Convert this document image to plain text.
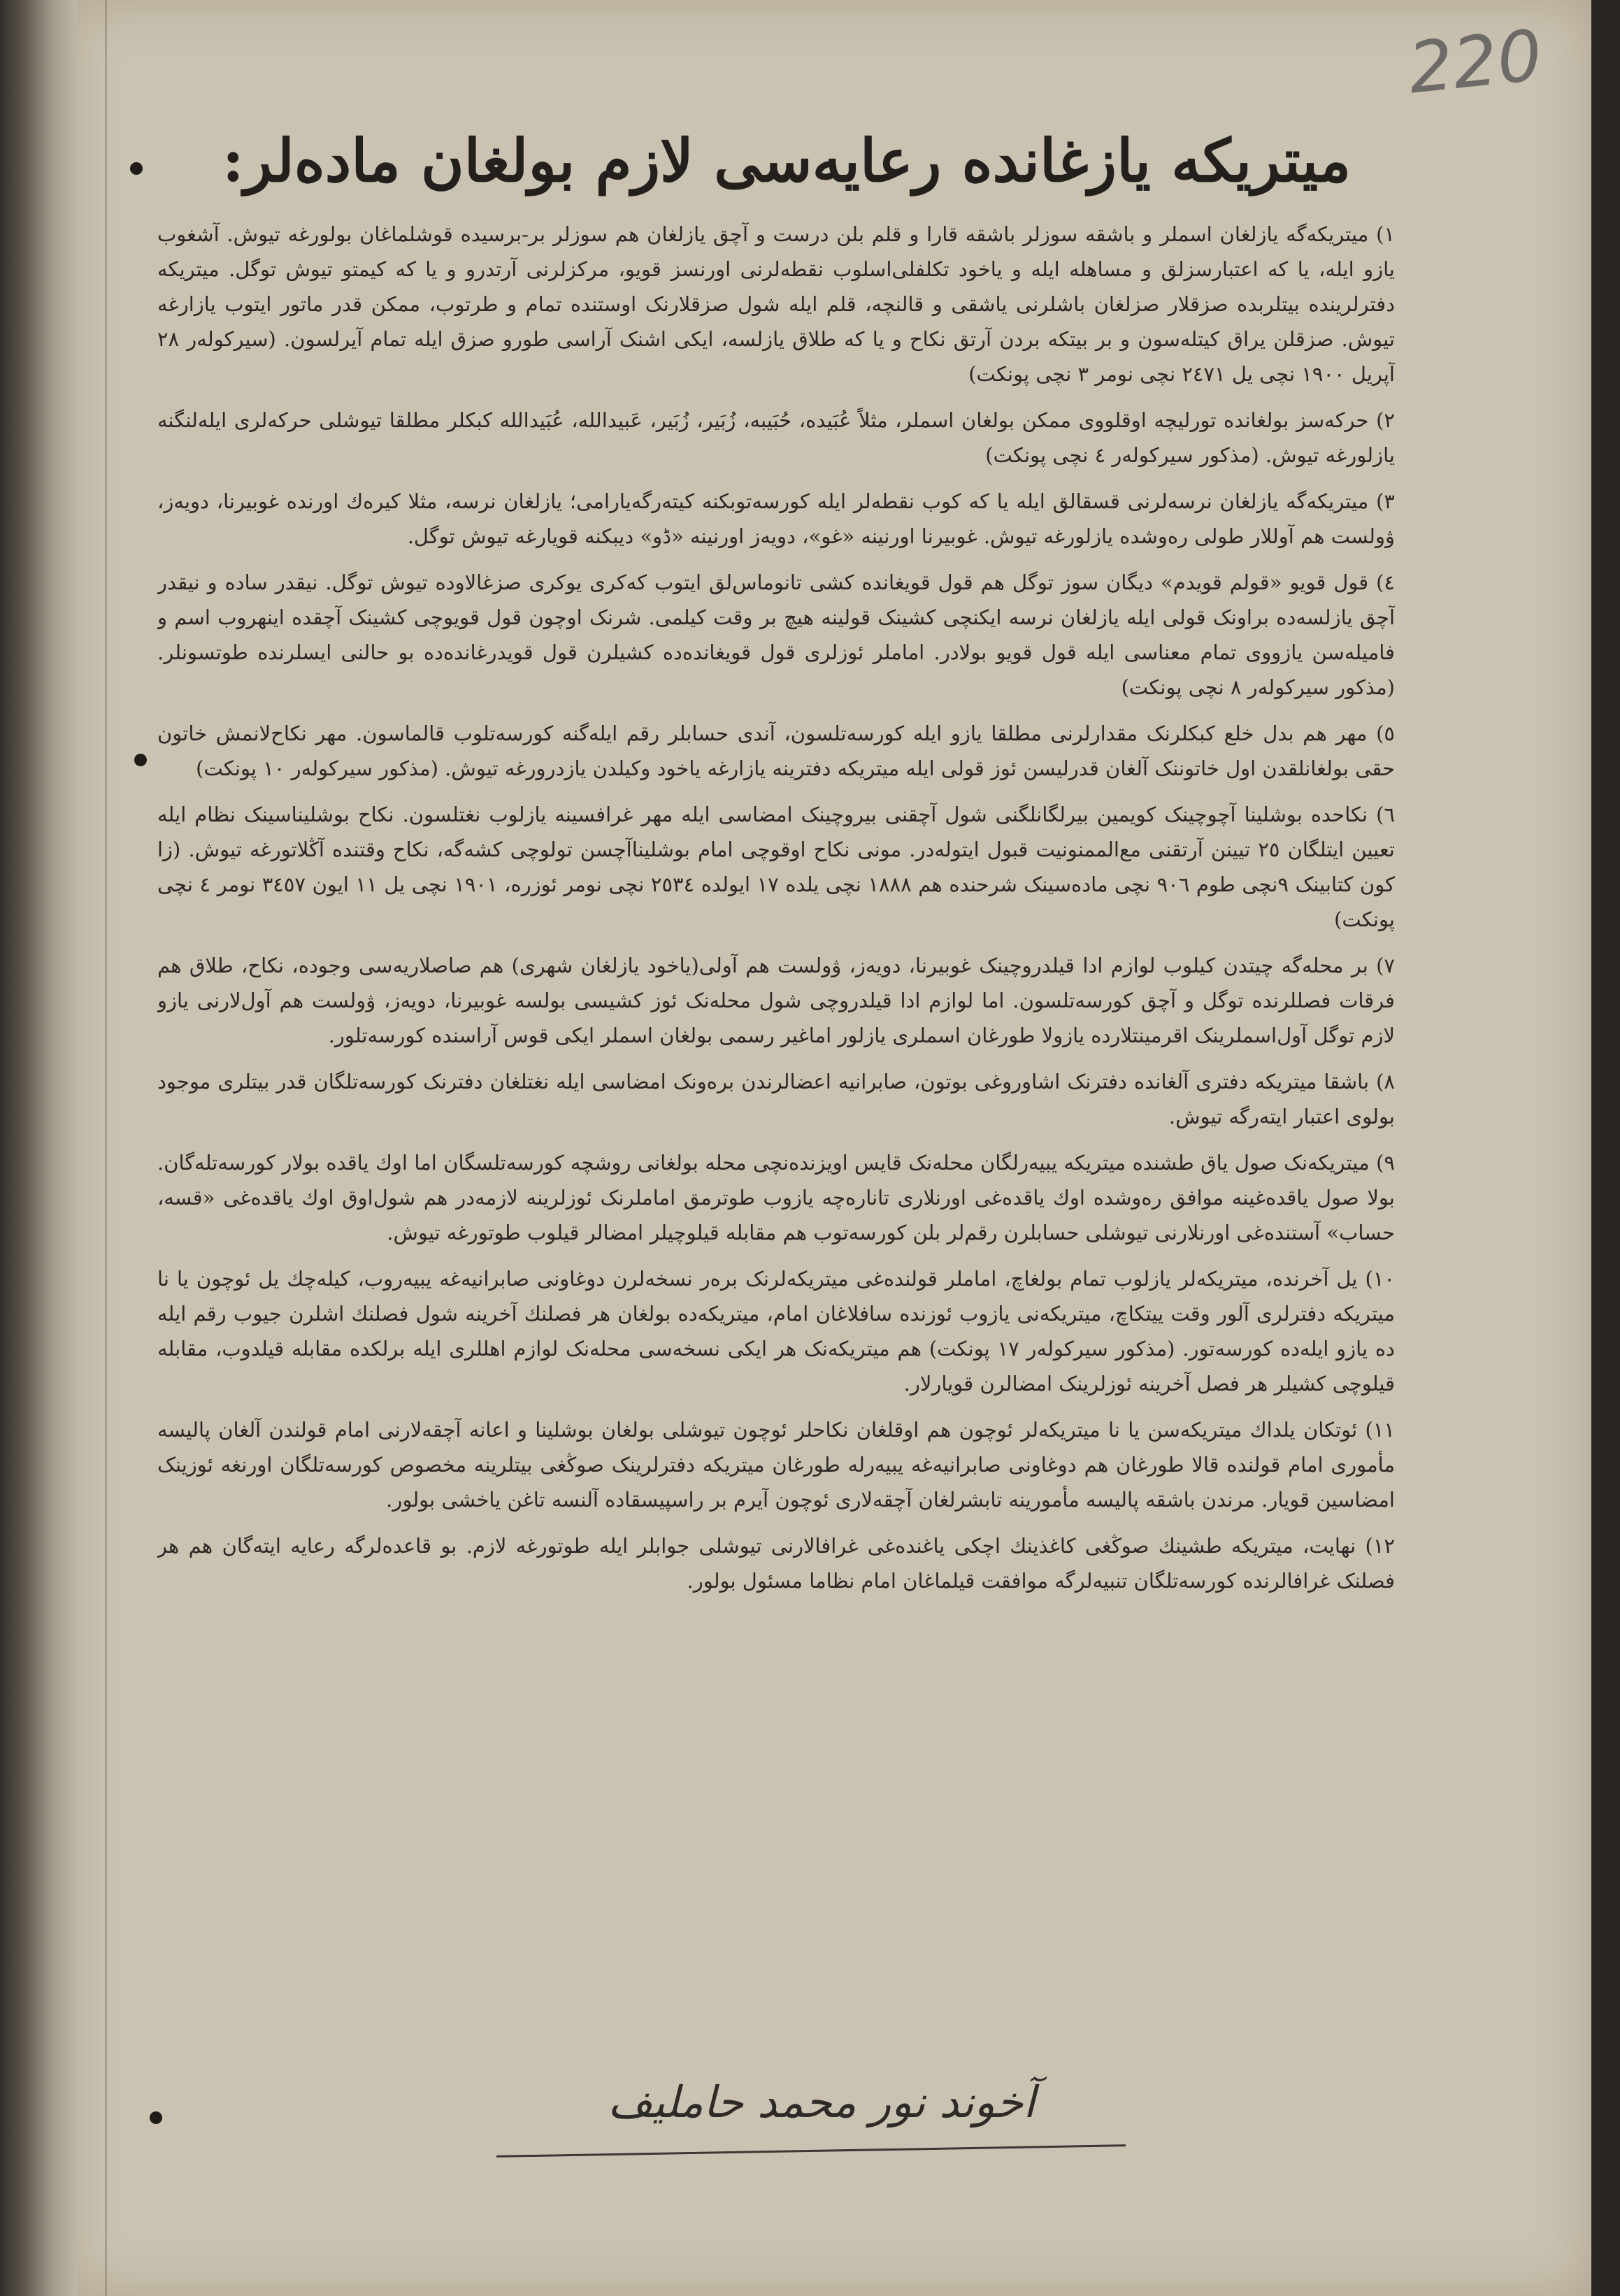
220
میتریکه یازغانده رعایه‌سی لازم بولغان ماده‌لر:

١) میتریکه‌گه یازلغان اسملر و باشقه سوزلر باشقه قارا و قلم بلن درست و آچق یازلغان هم سوزلر بر-برسیده قوشلماغان بولورغه تیوش. آشغوب یازو ایله، یا که اعتبارسزلق و مساهله ایله و یاخود تکلفلی‌اسلوب نقطه‌لرنی اورنسز قویو، مرکزلرنی آرتدرو و یا که کیمتو تیوش توگل. میتریکه دفترلرینده بیتلربده صزقلار صزلغان باشلرنی یاشقی و قالنچه، قلم ایله شول صزقلارنک اوستنده تمام و طرتوب، ممکن قدر ماتور ایتوب یازارغه تیوش. صزقلن یراق کیتله‌سون و بر بیتکه بردن آرتق نکاح و یا که طلاق یازلسه، ایکی اشنک آراسی طورو صزق ایله تمام آیرلسون. (سیرکوله‌ر ٢٨ آپریل ١٩٠٠ نچی یل ٢٤٧١ نچی نومر ٣ نچی پونکت)

٢) حرکه‌سز بولغانده تورلیچه اوقلووی ممکن بولغان اسملر، مثلاً عُبَیده، حُبَیبه، زُبَیر، زُبَیر، عَبیدالله، عُبَیدالله کبکلر مطلقا تیوشلی حرکه‌لری ایله‌لنگنه یازلورغه تیوش. (مذکور سیرکوله‌ر ٤ نچی پونکت)

٣) میتریکه‌گه یازلغان نرسه‌لرنی قسقالق ایله یا که کوب نقطه‌لر ایله کورسه‌توبکنه کیته‌رگه‌یارامی؛ یازلغان نرسه، مثلا کیرەك اورنده غوبیرنا، دویەز، ۋولست هم آوللار طولی رەوشده یازلورغه تیوش. غوبیرنا اورنینه «غو»، دویەز اورنینه «ڈو» دیبکنه قویارغه تیوش توگل.

٤) قول قویو «قولم قویدم» دیگان سوز توگل هم قول قویغانده کشی تانوماس‌لق ایتوب که‌کری یوکری صزغالاوده تیوش توگل. نیقدر ساده و نیقدر آچق یازلسه‌ده براونک قولی ایله یازلغان نرسه ایکنچی کشینک قولینه هیچ بر وقت کیلمی. شرنک اوچون قول قویوچی کشینک آچقده اینهروب اسم و فامیله‌سن یازووی تمام معناسی ایله قول قویو بولادر. اماملر ئوزلری قول قویغانده‌ده کشیلرن قول قویدرغانده‌ده بو حالنی ایسلرنده طوتسونلر. (مذکور سیرکوله‌ر ٨ نچی پونکت)

٥) مهر هم بدل خلع کبکلرنک مقدارلرنی مطلقا یازو ایله کورسه‌تلسون، آندی حسابلر رقم ایله‌گنه کورسه‌تلوب قالماسون. مهر نکاح‌لانمش خاتون حقی بولغانلقدن اول خاتوننک آلغان قدرلیسن ئوز قولی ایله میتریکه دفترینه یازارغه یاخود وکیلدن یازدرورغه تیوش. (مذکور سیرکوله‌ر ١٠ پونکت)

٦) نکاحده بوشلینا آچوچینک کویمین بیرلگانلگنی شول آچقنی بیروچینک امضاسی ایله مهر غرافسینه یازلوب نغتلسون. نکاح بوشلیناسینک نظام ایله تعیین ایتلگان ٢٥ تیینن آرتقنی مع‌الممنونیت قبول ایتوله‌در. مونی نکاح اوقوچی امام بوشلیناآچسن تولوچی کشه‌گه، نکاح وقتنده آڭلاتورغه تیوش. (زا کون کتابینک ٩نچی طوم ٩٠٦ نچی ماده‌سینک شرحنده هم ١٨٨٨ نچی یلده ١٧ ایولده ٢٥٣٤ نچی نومر ئوزره، ١٩٠١ نچی یل ١١ ایون ٣٤٥٧ نومر ٤ نچی پونکت)

٧) بر محله‌گه چیتدن کیلوب لوازم ادا قیلدروچینک غوبیرنا، دویەز، ۋولست هم آولی(یاخود یازلغان شهری) هم صاصلاریه‌سی وجوده، نکاح، طلاق هم فرقات فصللرنده توگل و آچق کورسه‌تلسون. اما لوازم ادا قیلدروچی شول محله‌نک ئوز کشیسی بولسه غوبیرنا، دویەز، ۋولست هم آول‌لارنی یازو لازم توگل آول‌اسملرینک اقرمینتلارده یازولا طورغان اسملری یازلور اماغیر رسمی بولغان اسملر ایکی قوس آراسنده کورسه‌تلور.

٨) باشقا میتریکه دفتری آلغانده دفترنک اشاوروغی بوتون، صابرانیه اعضالرندن بره‌ونک امضاسی ایله نغتلغان دفترنک کورسه‌تلگان قدر بیتلری موجود بولوی اعتبار ایته‌رگه تیوش.

٩) میتریکه‌نک صول یاق طشنده میتریکه یبیه‌رلگان محله‌نک قایس اویزنده‌نچی محله بولغانی روشچه کورسه‌تلسگان اما اوك یاقده بولار کورسه‌تله‌گان. بولا صول یاقده‌غینه موافق ره‌وشده اوك یاقده‌غی اورنلاری تاناره‌چه یازوب طوترمق اماملرنک ئوزلرینه لازمه‌در هم شول‌اوق اوك یاقده‌غی «قسه، حساب» آستنده‌غی اورنلارنی تیوشلی حسابلرن رقم‌لر بلن کورسه‌توب هم مقابله قیلوچیلر امضالر قیلوب طوتورغه تیوش.

١٠) یل آخرنده، میتریکه‌لر یازلوب تمام بولغاچ، اماملر قولنده‌غی میتریکه‌لرنک بره‌ر نسخه‌لرن دوغاونی صابرانیه‌غه یبیه‌روب، کیله‌چك یل ئوچون یا نا میتریکه دفترلری آلور وقت ییتکاچ، میتریکه‌نی یازوب ئوزنده سافلاغان امام، میتریکه‌ده بولغان هر فصلنك آخرینه شول فصلنك اشلرن جیوب رقم ایله ده یازو ایله‌ده کورسه‌تور. (مذکور سیرکوله‌ر ١٧ پونکت) هم میتریکه‌نک هر ایکی نسخه‌سی محله‌نک لوازم اهللری ایله برلکده مقابله قیلدوب، مقابله قیلوچی کشیلر هر فصل آخرینه ئوزلرینک امضالرن قویارلار.

١١) ئوتکان یلدا‌ك میتریکه‌سن یا نا میتریکه‌لر ئوچون هم اوقلغان نکاحلر ئوچون تیوشلی بولغان بوشلینا و اعانه آچقه‌لارنی امام قولندن آلغان پالیسه مأموری امام قولنده قالا طورغان هم دوغاونی صابرانیه‌غه یبیه‌رله طورغان میتریکه دفترلرینک صوڭغی بیتلرینه مخصوص کورسه‌تلگان اورنغه ئوزینک امضاسین قویار. مرندن باشقه پالیسه مأمورینه تابشرلغان آچقه‌لاری ئوچون آیرم بر راسپیسقاده آلنسه تاغن یاخشی بولور.

١٢) نهایت، میتریکه طشینك صوڭغی کاغذینك اچکی یاغنده‌غی غرافالارنی تیوشلی جوابلر ایله طوتورغه لازم. بو قاعده‌لرگه رعایه ایته‌گان هم هر فصلنک غرافالرنده کورسه‌تلگان تنبیه‌لرگه موافقت قیلماغان امام نظاما مسئول بولور.

آخوند نور محمد حاملیف
